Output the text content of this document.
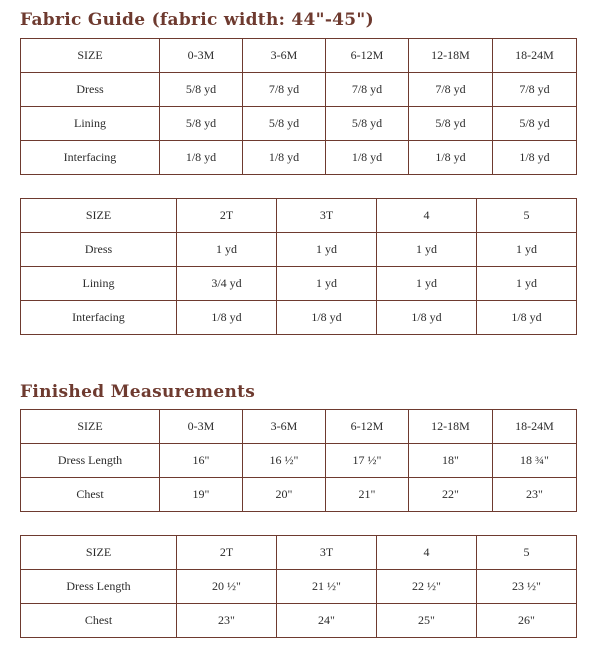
Fabric Guide (fabric width: 44"-45")
SIZE	0-3M	3-6M	6-12M	12-18M	18-24M
Dress	5/8 yd	7/8 yd	7/8 yd	7/8 yd	7/8 yd
Lining	5/8 yd	5/8 yd	5/8 yd	5/8 yd	5/8 yd
Interfacing	1/8 yd	1/8 yd	1/8 yd	1/8 yd	1/8 yd
SIZE	2T	3T	4	5
Dress	1 yd	1 yd	1 yd	1 yd
Lining	3/4 yd	1 yd	1 yd	1 yd
Interfacing	1/8 yd	1/8 yd	1/8 yd	1/8 yd
Finished Measurements
SIZE	0-3M	3-6M	6-12M	12-18M	18-24M
Dress Length	16"	16 ½"	17 ½"	18"	18 ¾"
Chest	19"	20"	21"	22"	23"
SIZE	2T	3T	4	5
Dress Length	20 ½"	21 ½"	22 ½"	23 ½"
Chest	23"	24"	25"	26"
